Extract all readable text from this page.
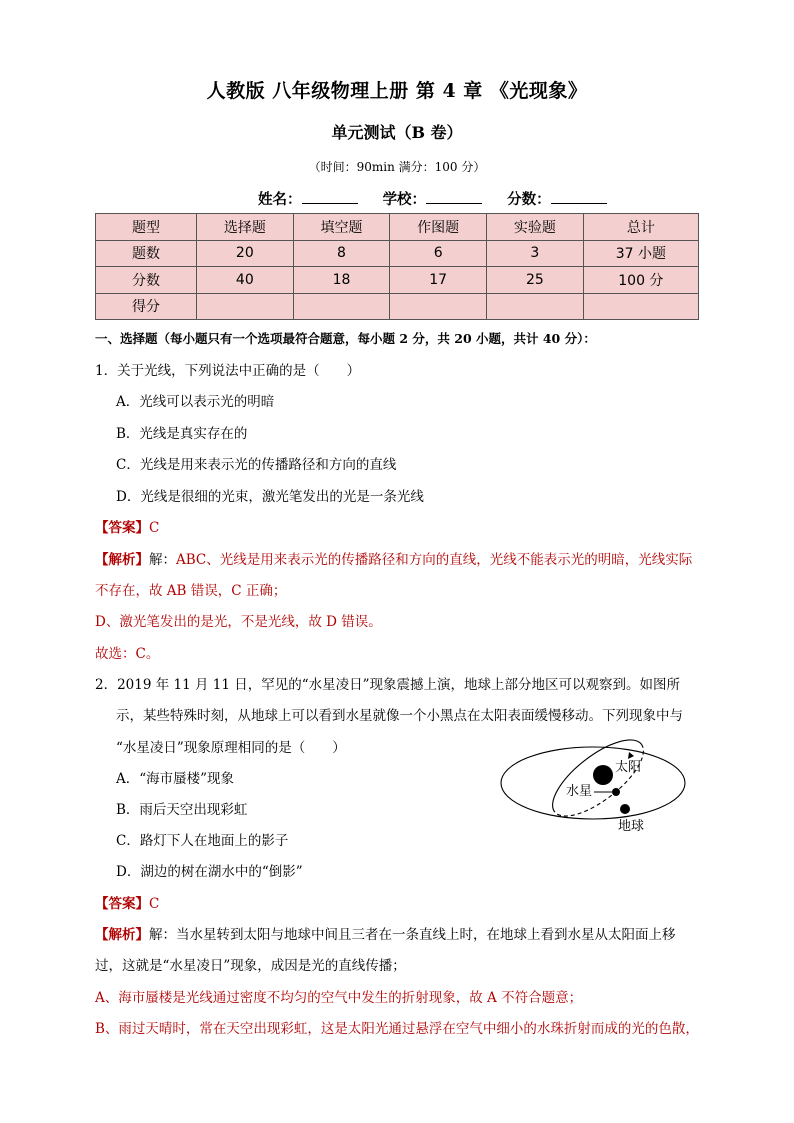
人教版 八年级物理上册 第 4 章 《光现象》
单元测试（B 卷）
（时间：90min 满分：100 分）
姓名：	学校：	分数：
题型	选择题	填空题	作图题	实验题	总计
题数	20	8	6	3	37 小题
分数	40	18	17	25	100 分
得分					
一、选择题（每小题只有一个选项最符合题意，每小题 2 分，共 20 小题，共计 40 分）：
1．关于光线，下列说法中正确的是（　　）
A．光线可以表示光的明暗
B．光线是真实存在的
C．光线是用来表示光的传播路径和方向的直线
D．光线是很细的光束，激光笔发出的光是一条光线
【答案】C
【解析】解：ABC、光线是用来表示光的传播路径和方向的直线，光线不能表示光的明暗，光线实际
不存在，故 AB 错误，C 正确；
D、激光笔发出的是光，不是光线，故 D 错误。
故选：C。
2．2019 年 11 月 11 日，罕见的“水星凌日”现象震撼上演，地球上部分地区可以观察到。如图所
示，某些特殊时刻，从地球上可以看到水星就像一个小黑点在太阳表面缓慢移动。下列现象中与
“水星凌日”现象原理相同的是（　　）
A．“海市蜃楼”现象
B．雨后天空出现彩虹
C．路灯下人在地面上的影子
D．湖边的树在湖水中的“倒影”
太阳
水星
地球
【答案】C
【解析】解：当水星转到太阳与地球中间且三者在一条直线上时，在地球上看到水星从太阳面上移
过，这就是“水星凌日”现象，成因是光的直线传播；
A、海市蜃楼是光线通过密度不均匀的空气中发生的折射现象，故 A 不符合题意；
B、雨过天晴时，常在天空出现彩虹，这是太阳光通过悬浮在空气中细小的水珠折射而成的光的色散，
